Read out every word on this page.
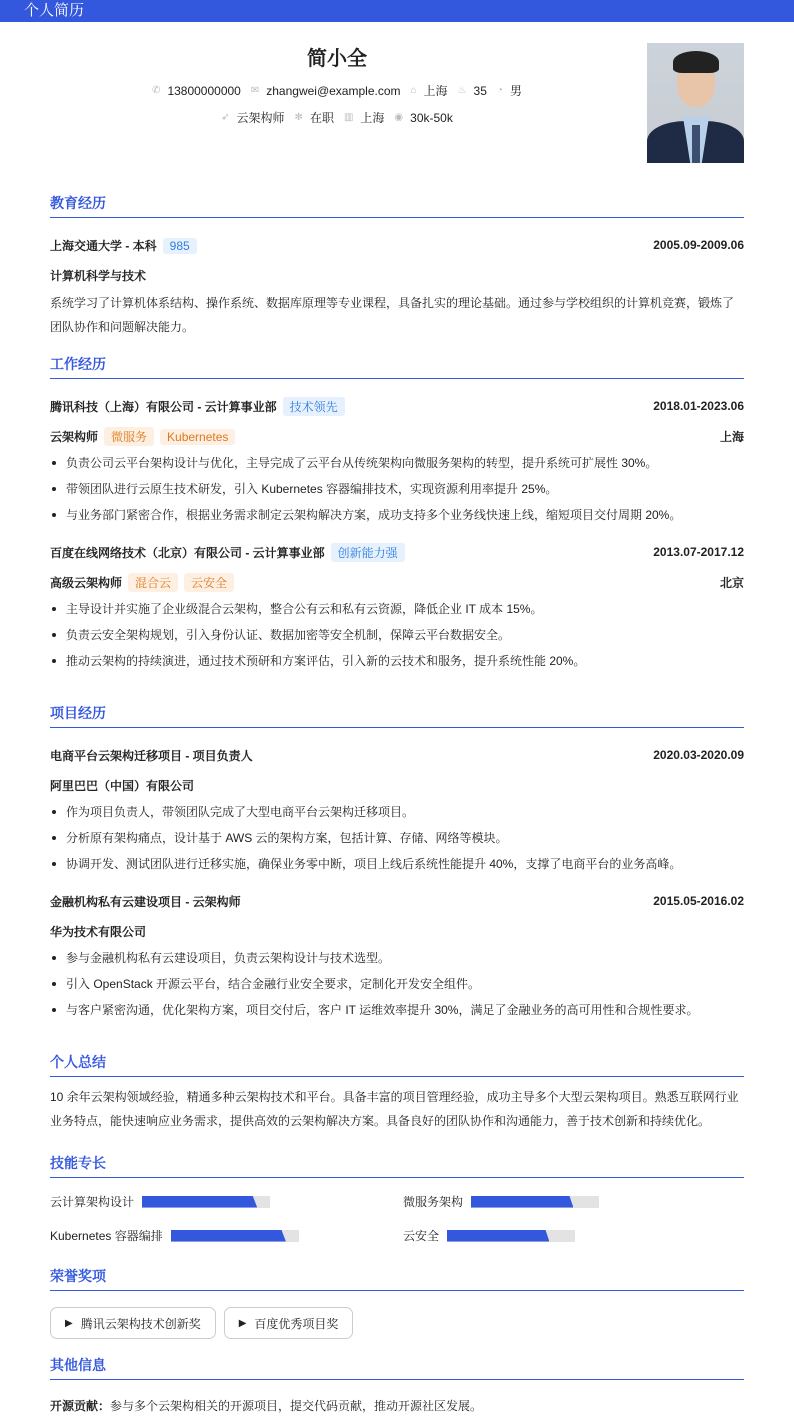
个人简历
简小全
✆ 13800000000 ✉ zhangwei@example.com ⌂ 上海 ♨ 35 ◔ 男
➶ 云架构师 ✻ 在职 ▥ 上海 ◉ 30k-50k
教育经历
上海交通大学 - 本科 985	2005.09-2009.06
计算机科学与技术

系统学习了计算机体系结构、操作系统、数据库原理等专业课程，具备扎实的理论基础。通过参与学校组织的计算机竞赛，锻炼了团队协作和问题解决能力。

工作经历
腾讯科技（上海）有限公司 - 云计算事业部 技术领先	2018.01-2023.06
云架构师 微服务 Kubernetes	上海
负责公司云平台架构设计与优化，主导完成了云平台从传统架构向微服务架构的转型，提升系统可扩展性 30%。
带领团队进行云原生技术研发，引入 Kubernetes 容器编排技术，实现资源利用率提升 25%。
与业务部门紧密合作，根据业务需求制定云架构解决方案，成功支持多个业务线快速上线，缩短项目交付周期 20%。
百度在线网络技术（北京）有限公司 - 云计算事业部 创新能力强	2013.07-2017.12
高级云架构师 混合云 云安全	北京
主导设计并实施了企业级混合云架构，整合公有云和私有云资源，降低企业 IT 成本 15%。
负责云安全架构规划，引入身份认证、数据加密等安全机制，保障云平台数据安全。
推动云架构的持续演进，通过技术预研和方案评估，引入新的云技术和服务，提升系统性能 20%。
项目经历
电商平台云架构迁移项目 - 项目负责人	2020.03-2020.09
阿里巴巴（中国）有限公司
作为项目负责人，带领团队完成了大型电商平台云架构迁移项目。
分析原有架构痛点，设计基于 AWS 云的架构方案，包括计算、存储、网络等模块。
协调开发、测试团队进行迁移实施，确保业务零中断，项目上线后系统性能提升 40%，支撑了电商平台的业务高峰。
金融机构私有云建设项目 - 云架构师	2015.05-2016.02
华为技术有限公司
参与金融机构私有云建设项目，负责云架构设计与技术选型。
引入 OpenStack 开源云平台，结合金融行业安全要求，定制化开发安全组件。
与客户紧密沟通，优化架构方案，项目交付后，客户 IT 运维效率提升 30%，满足了金融业务的高可用性和合规性要求。
个人总结

10 余年云架构领域经验，精通多种云架构技术和平台。具备丰富的项目管理经验，成功主导多个大型云架构项目。熟悉互联网行业业务特点，能快速响应业务需求，提供高效的云架构解决方案。具备良好的团队协作和沟通能力，善于技术创新和持续优化。

技能专长
云计算架构设计	微服务架构
Kubernetes 容器编排	云安全
荣誉奖项
▶ 腾讯云架构技术创新奖	▶ 百度优秀项目奖
其他信息

开源贡献：参与多个云架构相关的开源项目，提交代码贡献，推动开源社区发展。
